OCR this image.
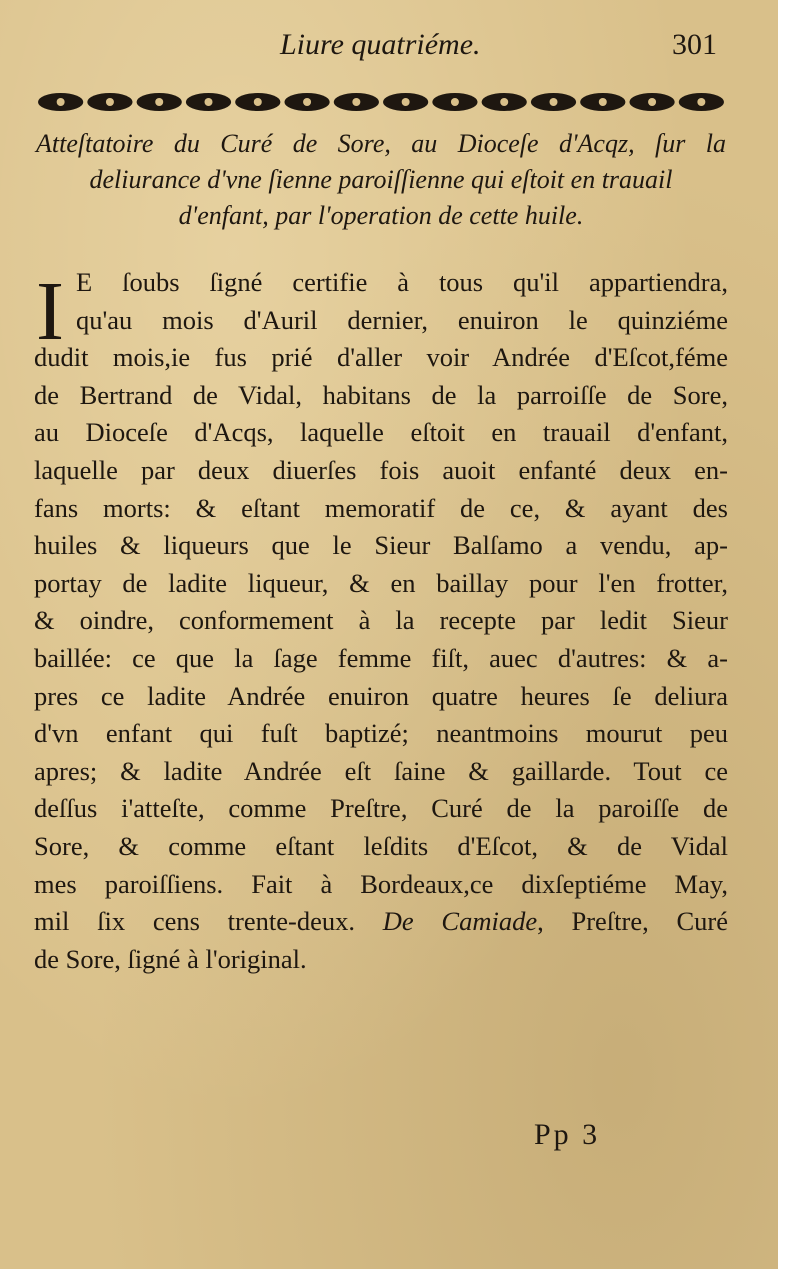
Liure quatriéme.	301
Atteſtatoire du Curé de Sore, au Dioceſe d'Acqz, ſur la
deliurance d'vne ſienne paroiſſienne qui eſtoit en trauail
d'enfant, par l'operation de cette huile.
I E ſoubs ſigné certifie à tous qu'il appartiendra,
qu'au mois d'Auril dernier, enuiron le quinziéme
dudit mois,ie fus prié d'aller voir Andrée d'Eſcot,féme
de Bertrand de Vidal, habitans de la parroiſſe de Sore,
au Dioceſe d'Acqs, laquelle eſtoit en trauail d'enfant,
laquelle par deux diuerſes fois auoit enfanté deux en-
fans morts: & eſtant memoratif de ce, & ayant des
huiles & liqueurs que le Sieur Balſamo a vendu, ap-
portay de ladite liqueur, & en baillay pour l'en frotter,
& oindre, conformement à la recepte par ledit Sieur
baillée: ce que la ſage femme fiſt, auec d'autres: & a-
pres ce ladite Andrée enuiron quatre heures ſe deliura
d'vn enfant qui fuſt baptizé; neantmoins mourut peu
apres; & ladite Andrée eſt ſaine & gaillarde. Tout ce
deſſus i'atteſte, comme Preſtre, Curé de la paroiſſe de
Sore, & comme eſtant leſdits d'Eſcot, & de Vidal
mes paroiſſiens. Fait à Bordeaux,ce dixſeptiéme May,
mil ſix cens trente-deux. De Camiade, Preſtre, Curé
de Sore, ſigné à l'original.
Pp 3
